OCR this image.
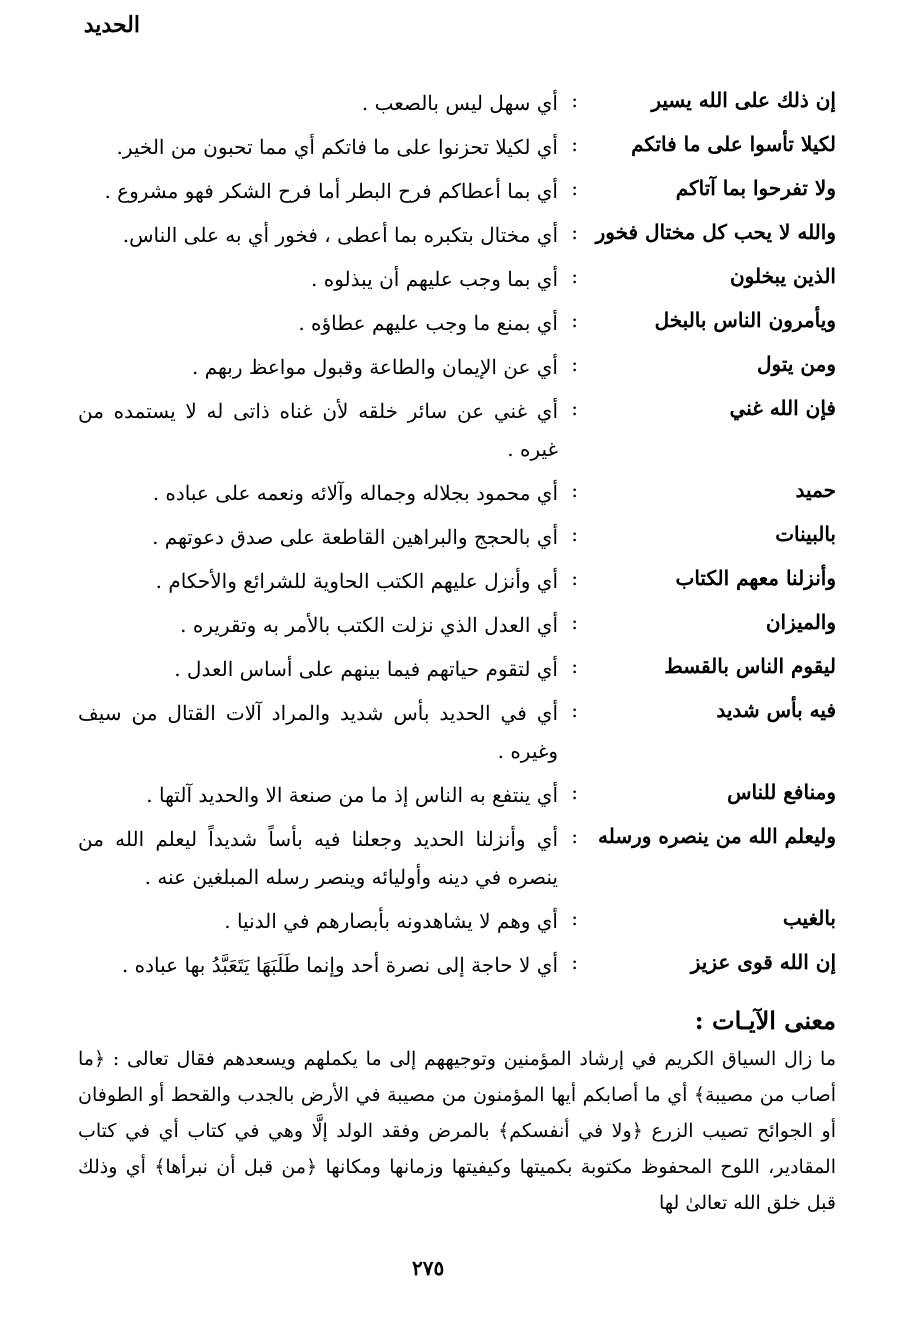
الحديد
إن ذلك على الله يسير
:
أي سهل ليس بالصعب .
لكيلا تأسوا على ما فاتكم
:
أي لكيلا تحزنوا على ما فاتكم أي مما تحبون من الخير.
ولا تفرحوا بما آتاكم
:
أي بما أعطاكم فرح البطر أما فرح الشكر فهو مشروع .
والله لا يحب كل مختال فخور
:
أي مختال بتكبره بما أعطى ، فخور أي به على الناس.
الذين يبخلون
:
أي بما وجب عليهم أن يبذلوه .
ويأمرون الناس بالبخل
:
أي بمنع ما وجب عليهم عطاؤه .
ومن يتول
:
أي عن الإيمان والطاعة وقبول مواعظ ربهم .
فإن الله غني
:
أي غني عن سائر خلقه لأن غناه ذاتى له لا يستمده من غيره .
حميد
:
أي محمود بجلاله وجماله وآلائه ونعمه على عباده .
بالبينات
:
أي بالحجج والبراهين القاطعة على صدق دعوتهم .
وأنزلنا معهم الكتاب
:
أي وأنزل عليهم الكتب الحاوية للشرائع والأحكام .
والميزان
:
أي العدل الذي نزلت الكتب بالأمر به وتقريره .
ليقوم الناس بالقسط
:
أي لتقوم حياتهم فيما بينهم على أساس العدل .
فيه بأس شديد
:
أي في الحديد بأس شديد والمراد آلات القتال من سيف وغيره .
ومنافع للناس
:
أي ينتفع به الناس إذ ما من صنعة الا والحديد آلتها .
وليعلم الله من ينصره ورسله
:
أي وأنزلنا الحديد وجعلنا فيه بأساً شديداً ليعلم الله من ينصره في دينه وأوليائه وينصر رسله المبلغين عنه .
بالغيب
:
أي وهم لا يشاهدونه بأبصارهم في الدنيا .
إن الله قوى عزيز
:
أي لا حاجة إلى نصرة أحد وإنما طَلَبَهَا يَتَعَبَّدُ بها عباده .
معنى الآيـات :
ما زال السياق الكريم في إرشاد المؤمنين وتوجيههم إلى ما يكملهم ويسعدهم فقال تعالى : ﴿ما أصاب من مصيبة﴾ أي ما أصابكم أيها المؤمنون من مصيبة في الأرض بالجدب والقحط أو الطوفان أو الجوائح تصيب الزرع ﴿ولا في أنفسكم﴾ بالمرض وفقد الولد إلَّا وهي في كتاب أي في كتاب المقادير، اللوح المحفوظ مكتوبة بكميتها وكيفيتها وزمانها ومكانها ﴿من قبل أن نبرأها﴾ أي وذلك قبل خلق الله تعالىٰ لها
٢٧٥
